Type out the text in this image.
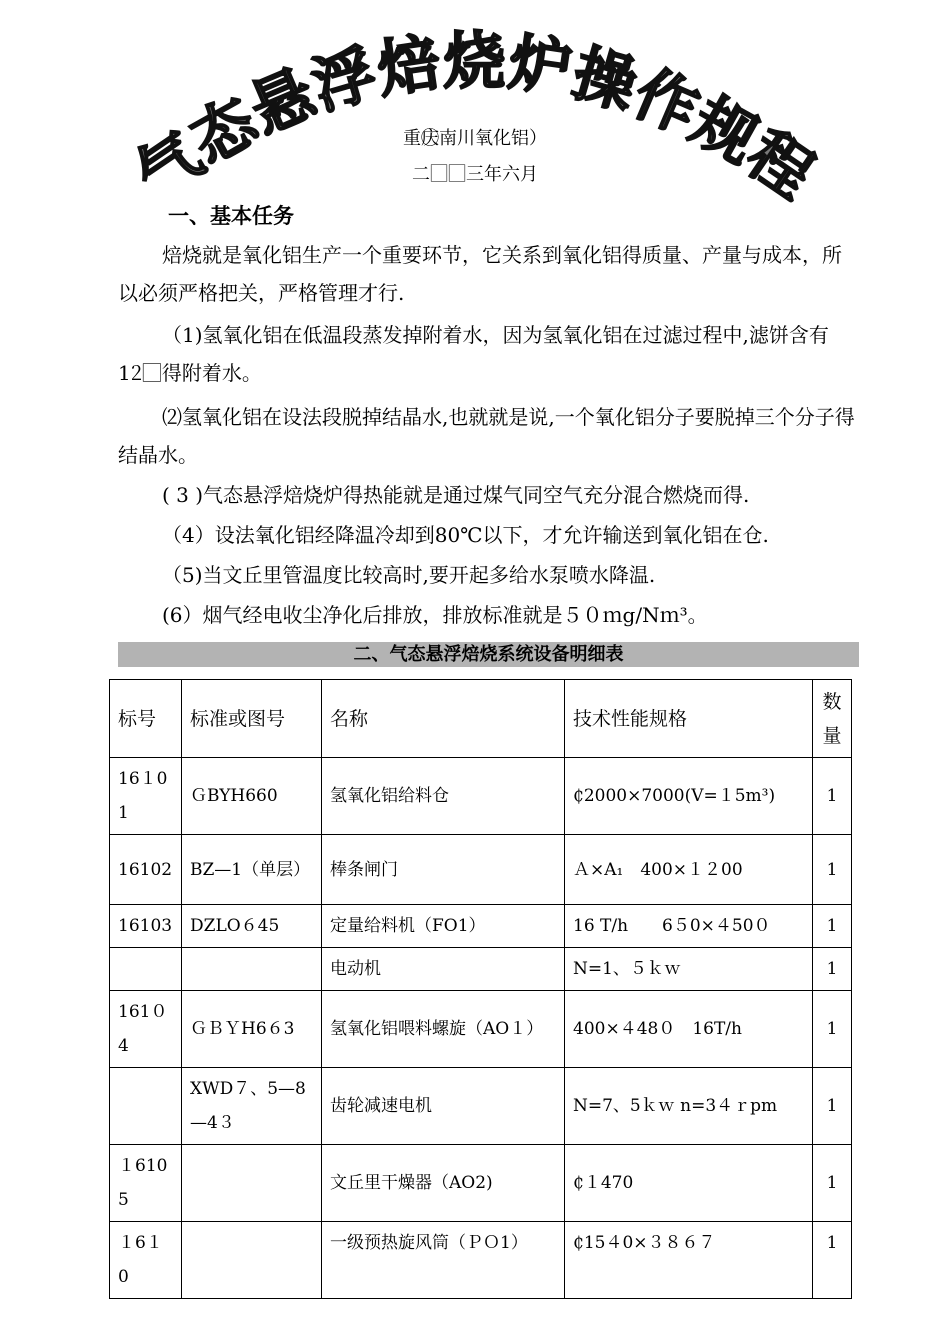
气态悬浮焙烧炉操作规程
重庆⃝南川氧化铝）
二⃞⃞三年六月
一、基本任务
焙烧就是氧化铝生产一个重要环节，它关系到氧化铝得质量、产量与成本，所以必须严格把关，严格管理才行.
（1)氢氧化铝在低温段蒸发掉附着水，因为氢氧化铝在过滤过程中,滤饼含有12⃞得附着水。
⑵氢氧化铝在设法段脱掉结晶水,也就就是说,一个氧化铝分子要脱掉三个分子得结晶水。
( 3 )气态悬浮焙烧炉得热能就是通过煤气同空气充分混合燃烧而得.
（4）设法氧化铝经降温冷却到80℃以下，才允许输送到氧化铝在仓.
（5)当文丘里管温度比较高时,要开起多给水泵喷水降温.
(6）烟气经电收尘净化后排放，排放标准就是５０ｍg/Nｍ³。
二、气态悬浮焙烧系统设备明细表
标号	标准或图号	名称	技术性能规格	数量
16１01	ＧBYH660	氢氧化铝给料仓	₵2000×7000(V=１5m³)	1
16102	BZ—1（单层）	棒条闸门	Ａ×A₁　400×１２00	1
16103	DZLO６45	定量给料机（FO1）	16 T/h　　6５0×４50０	1
		电动机	N=1、５ｋｗ	1
161０4	ＧＢＹH6６3	氢氧化铝喂料螺旋（AO１）	400×４48０　16T/h	1
	XWD７、5—8—4３	齿轮减速电机	N=7、5ｋｗ n=3４ｒpm	1
１6105		文丘里干燥器（AO2)	₵１470	1
１6１0		一级预热旋风筒（ＰＯ1）	₵15４0×３８６７	1
